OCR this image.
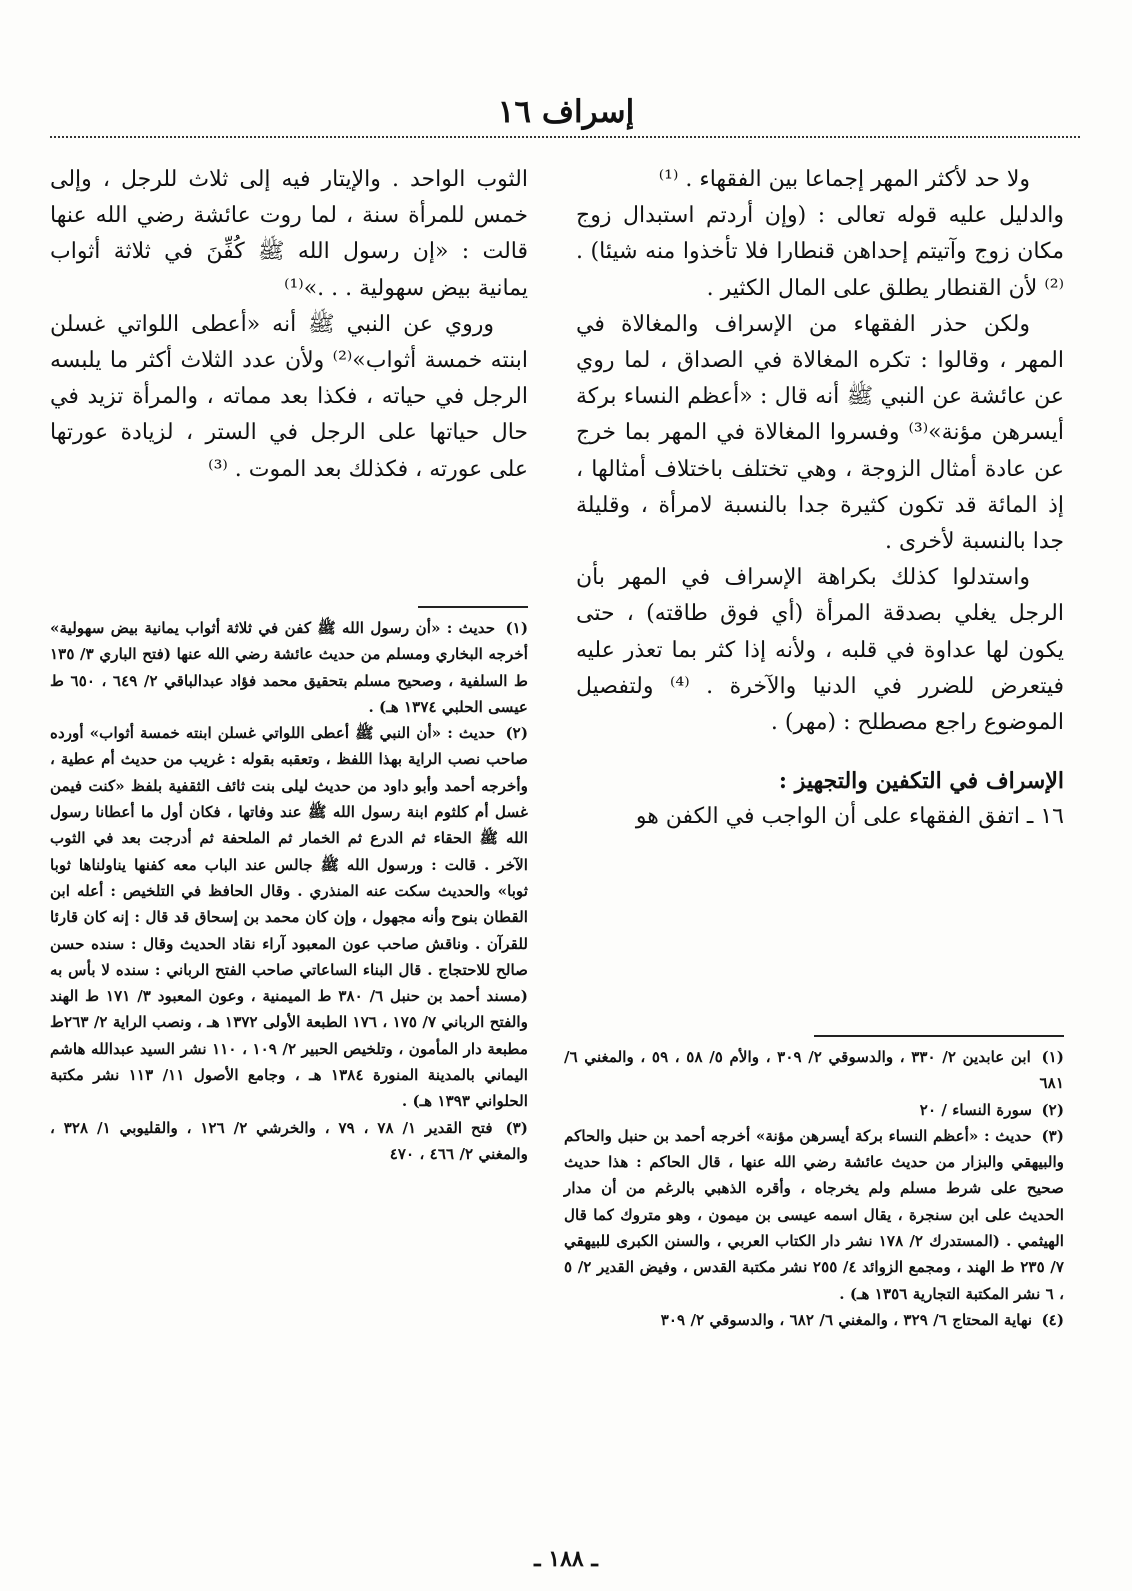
إسراف ١٦

ولا حد لأكثر المهر إجماعا بين الفقهاء . ⁽¹⁾

والدليل عليه قوله تعالى : (وإن أردتم استبدال زوج مكان زوج وآتيتم إحداهن قنطارا فلا تأخذوا منه شيئا) . ⁽²⁾ لأن القنطار يطلق على المال الكثير .

ولكن حذر الفقهاء من الإسراف والمغالاة في المهر ، وقالوا : تكره المغالاة في الصداق ، لما روي عن عائشة عن النبي ﷺ أنه قال : «أعظم النساء بركة أيسرهن مؤنة»⁽³⁾ وفسروا المغالاة في المهر بما خرج عن عادة أمثال الزوجة ، وهي تختلف باختلاف أمثالها ، إذ المائة قد تكون كثيرة جدا بالنسبة لامرأة ، وقليلة جدا بالنسبة لأخرى .

واستدلوا كذلك بكراهة الإسراف في المهر بأن الرجل يغلي بصدقة المرأة (أي فوق طاقته) ، حتى يكون لها عداوة في قلبه ، ولأنه إذا كثر بما تعذر عليه فيتعرض للضرر في الدنيا والآخرة . ⁽⁴⁾ ولتفصيل الموضوع راجع مصطلح : (مهر) .

الإسراف في التكفين والتجهيز :

١٦ ـ اتفق الفقهاء على أن الواجب في الكفن هو

الثوب الواحد . والإيتار فيه إلى ثلاث للرجل ، وإلى خمس للمرأة سنة ، لما روت عائشة رضي الله عنها قالت : «إن رسول الله ﷺ كُفِّنَ في ثلاثة أثواب يمانية بيض سهولية . . .»⁽¹⁾

وروي عن النبي ﷺ أنه «أعطى اللواتي غسلن ابنته خمسة أثواب»⁽²⁾ ولأن عدد الثلاث أكثر ما يلبسه الرجل في حياته ، فكذا بعد مماته ، والمرأة تزيد في حال حياتها على الرجل في الستر ، لزيادة عورتها على عورته ، فكذلك بعد الموت . ⁽³⁾

(١) ابن عابدين ٢/ ٣٣٠ ، والدسوقي ٢/ ٣٠٩ ، والأم ٥/ ٥٨ ، ٥٩ ، والمغني ٦/ ٦٨١

(٢) سورة النساء / ٢٠

(٣) حديث : «أعظم النساء بركة أيسرهن مؤنة» أخرجه أحمد بن حنبل والحاكم والبيهقي والبزار من حديث عائشة رضي الله عنها ، قال الحاكم : هذا حديث صحيح على شرط مسلم ولم يخرجاه ، وأقره الذهبي بالرغم من أن مدار الحديث على ابن سنجرة ، يقال اسمه عيسى بن ميمون ، وهو متروك كما قال الهيثمي . (المستدرك ٢/ ١٧٨ نشر دار الكتاب العربي ، والسنن الكبرى للبيهقي ٧/ ٢٣٥ ط الهند ، ومجمع الزوائد ٤/ ٢٥٥ نشر مكتبة القدس ، وفيض القدير ٢/ ٥ ، ٦ نشر المكتبة التجارية ١٣٥٦ هـ) .

(٤) نهاية المحتاج ٦/ ٣٢٩ ، والمغني ٦/ ٦٨٢ ، والدسوقي ٢/ ٣٠٩

(١) حديث : «أن رسول الله ﷺ كفن في ثلاثة أثواب يمانية بيض سهولية» أخرجه البخاري ومسلم من حديث عائشة رضي الله عنها (فتح الباري ٣/ ١٣٥ ط السلفية ، وصحيح مسلم بتحقيق محمد فؤاد عبدالباقي ٢/ ٦٤٩ ، ٦٥٠ ط عيسى الحلبي ١٣٧٤ هـ) .

(٢) حديث : «أن النبي ﷺ أعطى اللواتي غسلن ابنته خمسة أثواب» أورده صاحب نصب الراية بهذا اللفظ ، وتعقبه بقوله : غريب من حديث أم عطية ، وأخرجه أحمد وأبو داود من حديث ليلى بنت ثائف الثقفية بلفظ «كنت فيمن غسل أم كلثوم ابنة رسول الله ﷺ عند وفاتها ، فكان أول ما أعطانا رسول الله ﷺ الحقاء ثم الدرع ثم الخمار ثم الملحفة ثم أدرجت بعد في الثوب الآخر . قالت : ورسول الله ﷺ جالس عند الباب معه كفنها يناولناها ثوبا ثوبا» والحديث سكت عنه المنذري . وقال الحافظ في التلخيص : أعله ابن القطان بنوح وأنه مجهول ، وإن كان محمد بن إسحاق قد قال : إنه كان قارئا للقرآن . وناقش صاحب عون المعبود آراء نقاد الحديث وقال : سنده حسن صالح للاحتجاج . قال البناء الساعاتي صاحب الفتح الرباني : سنده لا بأس به (مسند أحمد بن حنبل ٦/ ٣٨٠ ط الميمنية ، وعون المعبود ٣/ ١٧١ ط الهند والفتح الرباني ٧/ ١٧٥ ، ١٧٦ الطبعة الأولى ١٣٧٢ هـ ، ونصب الراية ٢/ ٢٦٣ط مطبعة دار المأمون ، وتلخيص الحبير ٢/ ١٠٩ ، ١١٠ نشر السيد عبدالله هاشم اليماني بالمدينة المنورة ١٣٨٤ هـ ، وجامع الأصول ١١/ ١١٣ نشر مكتبة الحلواني ١٣٩٣ هـ) .

(٣) فتح القدير ١/ ٧٨ ، ٧٩ ، والخرشي ٢/ ١٢٦ ، والقليوبي ١/ ٣٢٨ ، والمغني ٢/ ٤٦٦ ، ٤٧٠

ـ ١٨٨ ـ
